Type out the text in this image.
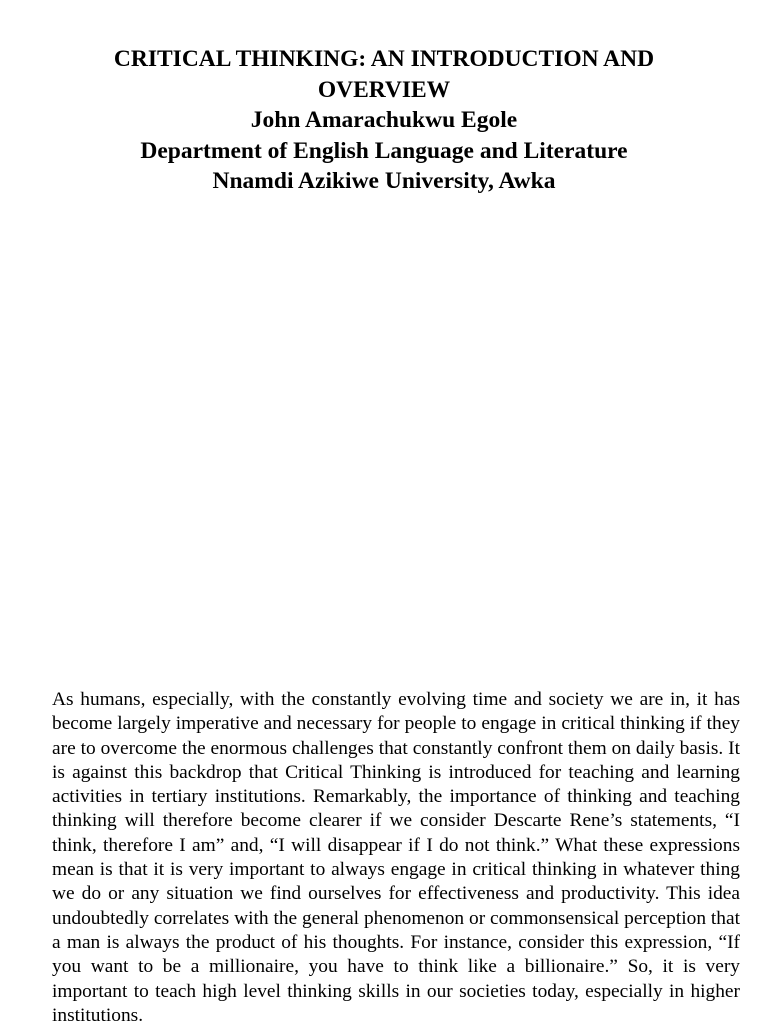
CRITICAL THINKING: AN INTRODUCTION AND OVERVIEW
John Amarachukwu Egole
Department of English Language and Literature
Nnamdi Azikiwe University, Awka
As humans, especially, with the constantly evolving time and society we are in, it has become largely imperative and necessary for people to engage in critical thinking if they are to overcome the enormous challenges that constantly confront them on daily basis. It is against this backdrop that Critical Thinking is introduced for teaching and learning activities in tertiary institutions. Remarkably, the importance of thinking and teaching thinking will therefore become clearer if we consider Descarte Rene’s statements, “I think, therefore I am” and, “I will disappear if I do not think.” What these expressions mean is that it is very important to always engage in critical thinking in whatever thing we do or any situation we find ourselves for effectiveness and productivity. This idea undoubtedly correlates with the general phenomenon or commonsensical perception that a man is always the product of his thoughts. For instance, consider this expression, “If you want to be a millionaire, you have to think like a billionaire.” So, it is very important to teach high level thinking skills in our societies today, especially in higher institutions.
